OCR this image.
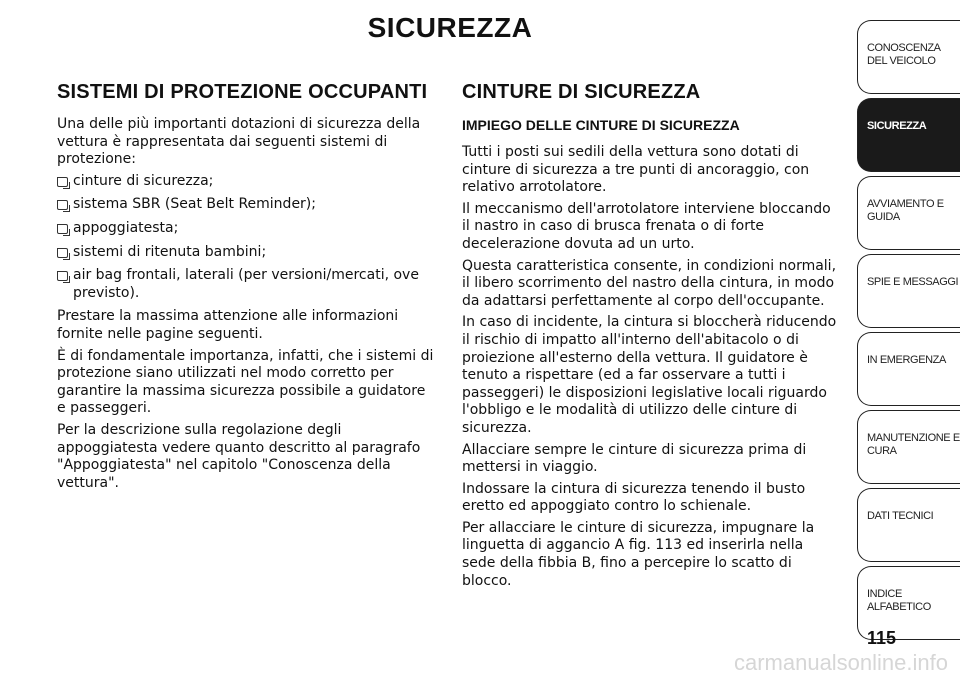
SICUREZZA
SISTEMI DI PROTEZIONE OCCUPANTI

Una delle più importanti dotazioni di sicurezza della vettura è rappresentata dai seguenti sistemi di protezione:

cinture di sicurezza;
sistema SBR (Seat Belt Reminder);
appoggiatesta;
sistemi di ritenuta bambini;
air bag frontali, laterali (per versioni/mercati, ove previsto).

Prestare la massima attenzione alle informazioni fornite nelle pagine seguenti.

È di fondamentale importanza, infatti, che i sistemi di protezione siano utilizzati nel modo corretto per garantire la massima sicurezza possibile a guidatore e passeggeri.

Per la descrizione sulla regolazione degli appoggiatesta vedere quanto descritto al paragrafo "Appoggiatesta" nel capitolo "Conoscenza della vettura".

CINTURE DI SICUREZZA
IMPIEGO DELLE CINTURE DI SICUREZZA

Tutti i posti sui sedili della vettura sono dotati di cinture di sicurezza a tre punti di ancoraggio, con relativo arrotolatore.

Il meccanismo dell'arrotolatore interviene bloccando il nastro in caso di brusca frenata o di forte decelerazione dovuta ad un urto.

Questa caratteristica consente, in condizioni normali, il libero scorrimento del nastro della cintura, in modo da adattarsi perfettamente al corpo dell'occupante.

In caso di incidente, la cintura si bloccherà riducendo il rischio di impatto all'interno dell'abitacolo o di proiezione all'esterno della vettura. Il guidatore è tenuto a rispettare (ed a far osservare a tutti i passeggeri) le disposizioni legislative locali riguardo l'obbligo e le modalità di utilizzo delle cinture di sicurezza.

Allacciare sempre le cinture di sicurezza prima di mettersi in viaggio.

Indossare la cintura di sicurezza tenendo il busto eretto ed appoggiato contro lo schienale.

Per allacciare le cinture di sicurezza, impugnare la linguetta di aggancio A fig. 113 ed inserirla nella sede della fibbia B, fino a percepire lo scatto di blocco.

CONOSCENZA DEL VEICOLO
SICUREZZA
AVVIAMENTO E GUIDA
SPIE E MESSAGGI
IN EMERGENZA
MANUTENZIONE E CURA
DATI TECNICI
INDICE ALFABETICO
115
carmanualsonline.info
